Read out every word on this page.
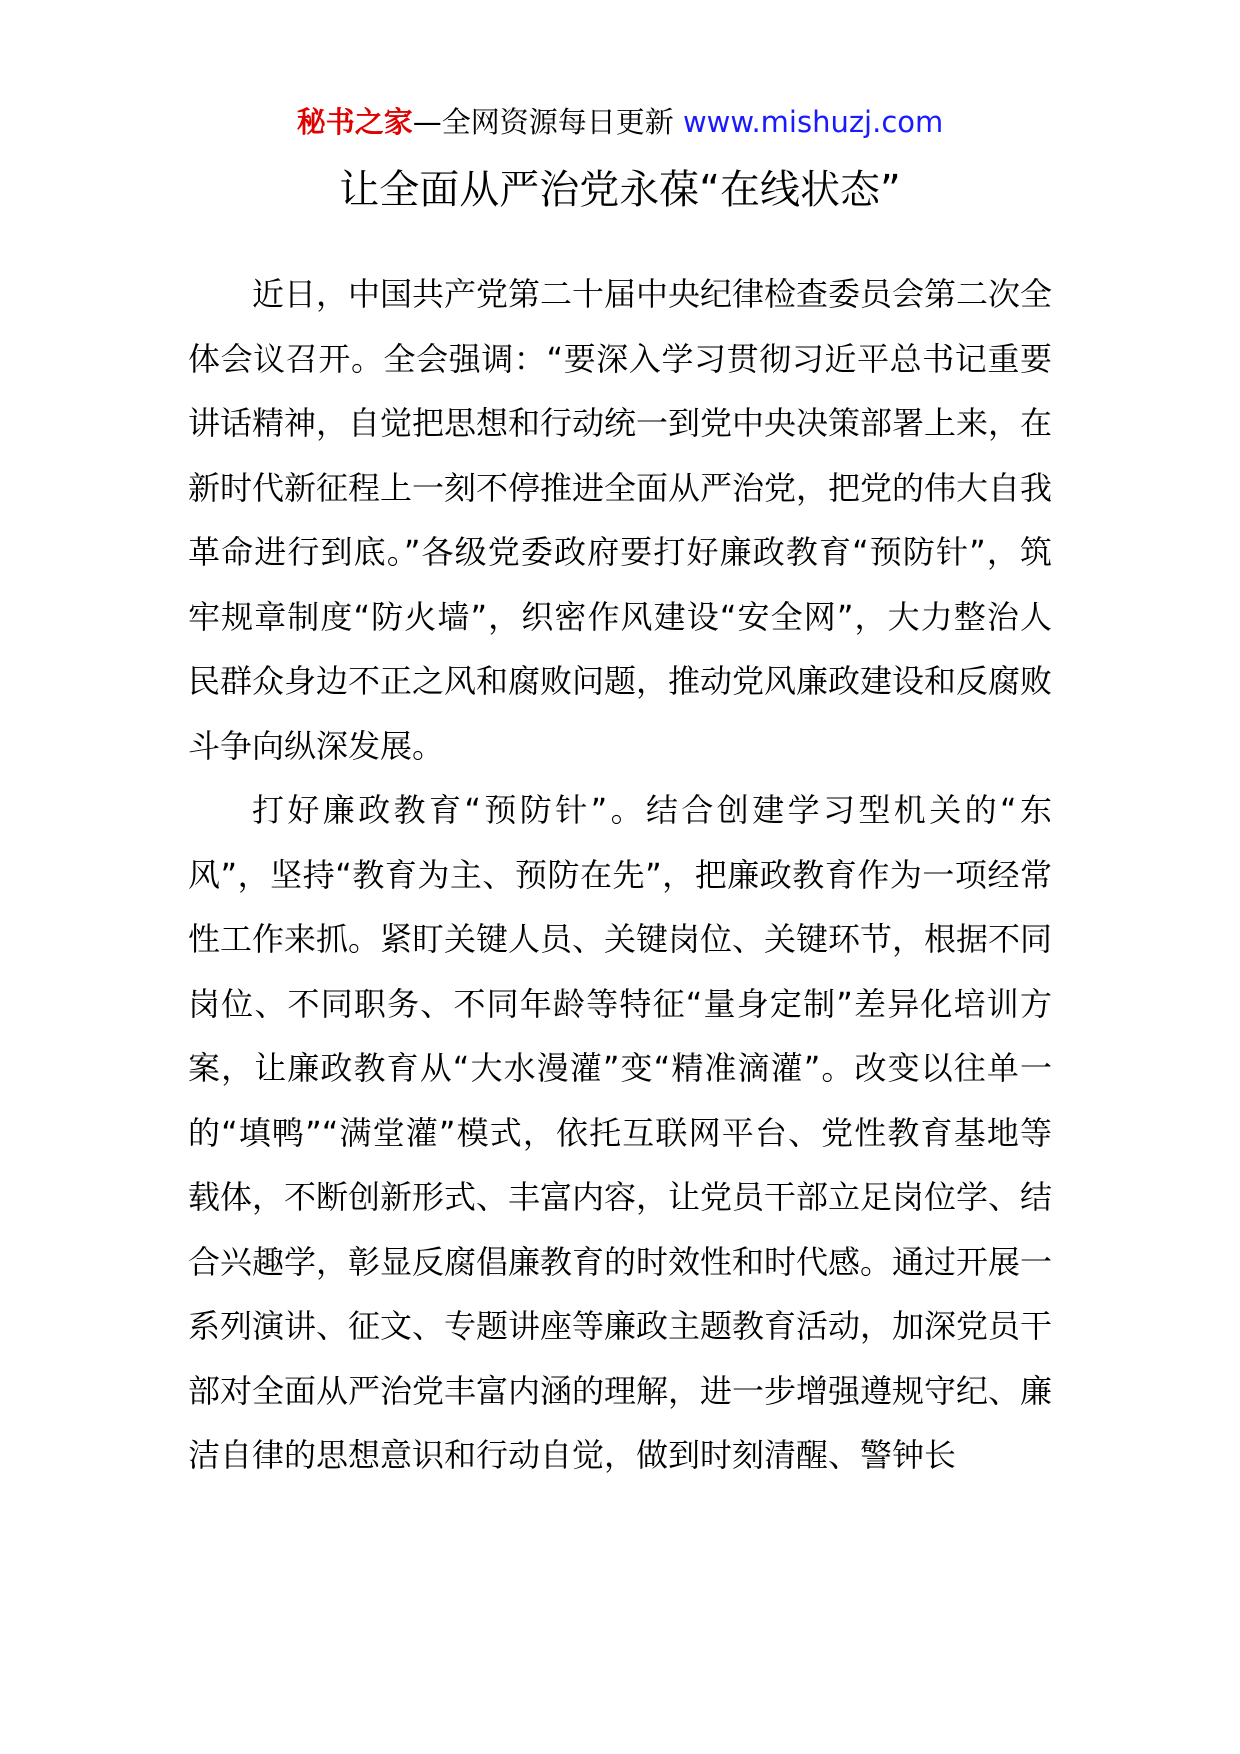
秘书之家—全网资源每日更新 www.mishuzj.com
让全面从严治党永葆“在线状态”

近日，中国共产党第二十届中央纪律检查委员会第二次全体会议召开。全会强调：“要深入学习贯彻习近平总书记重要讲话精神，自觉把思想和行动统一到党中央决策部署上来，在新时代新征程上一刻不停推进全面从严治党，把党的伟大自我革命进行到底。”各级党委政府要打好廉政教育“预防针”，筑牢规章制度“防火墙”，织密作风建设“安全网”，大力整治人民群众身边不正之风和腐败问题，推动党风廉政建设和反腐败斗争向纵深发展。

打好廉政教育“预防针”。结合创建学习型机关的“东风”，坚持“教育为主、预防在先”，把廉政教育作为一项经常性工作来抓。紧盯关键人员、关键岗位、关键环节，根据不同岗位、不同职务、不同年龄等特征“量身定制”差异化培训方案，让廉政教育从“大水漫灌”变“精准滴灌”。改变以往单一的“填鸭”“满堂灌”模式，依托互联网平台、党性教育基地等载体，不断创新形式、丰富内容，让党员干部立足岗位学、结合兴趣学，彰显反腐倡廉教育的时效性和时代感。通过开展一系列演讲、征文、专题讲座等廉政主题教育活动，加深党员干部对全面从严治党丰富内涵的理解，进一步增强遵规守纪、廉洁自律的思想意识和行动自觉，做到时刻清醒、警钟长
